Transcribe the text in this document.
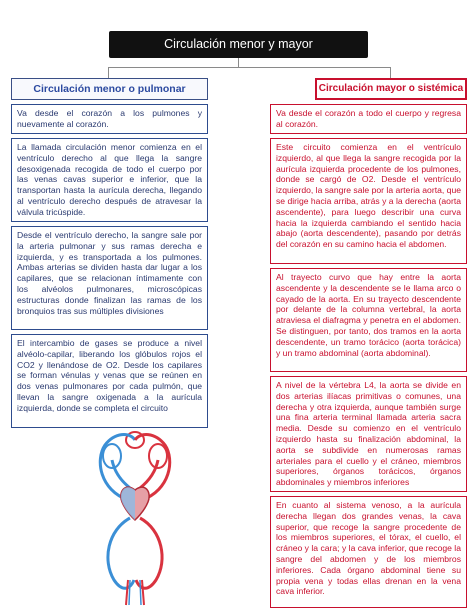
Circulación menor y mayor
Circulación menor o pulmonar	Circulación mayor o sistémica
Va desde el corazón a los pulmones y nuevamente al corazón.
La llamada circulación menor comienza en el ventrículo derecho al que llega la sangre desoxigenada recogida de todo el cuerpo por las venas cavas superior e inferior, que la transportan hasta la aurícula derecha, llegando al ventrículo derecho después de atravesar la válvula tricúspide.
Desde el ventrículo derecho, la sangre sale por la arteria pulmonar y sus ramas derecha e izquierda, y es transportada a los pulmones. Ambas arterias se dividen hasta dar lugar a los capilares, que se relacionan íntimamente con los alvéolos pulmonares, microscópicas estructuras donde finalizan las ramas de los bronquios tras sus múltiples divisiones
El intercambio de gases se produce a nivel alvéolo-capilar, liberando los glóbulos rojos el CO2 y llenándose de O2. Desde los capilares se forman vénulas y venas que se reúnen en dos venas pulmonares por cada pulmón, que llevan la sangre oxigenada a la aurícula izquierda, donde se completa el circuito
Va desde el corazón a todo el cuerpo y regresa al corazón.
Este circuito comienza en el ventrículo izquierdo, al que llega la sangre recogida por la aurícula izquierda procedente de los pulmones, donde se cargó de O2. Desde el ventrículo izquierdo, la sangre sale por la arteria aorta, que se dirige hacia arriba, atrás y a la derecha (aorta ascendente), para luego describir una curva hacia la izquierda cambiando el sentido hacia abajo (aorta descendente), pasando por detrás del corazón en su camino hacia el abdomen.
Al trayecto curvo que hay entre la aorta ascendente y la descendente se le llama arco o cayado de la aorta. En su trayecto descendente por delante de la columna vertebral, la aorta atraviesa el diafragma y penetra en el abdomen. Se distinguen, por tanto, dos tramos en la aorta descendente, un tramo torácico (aorta torácica) y un tramo abdominal (aorta abdominal).
A nivel de la vértebra L4, la aorta se divide en dos arterias ilíacas primitivas o comunes, una derecha y otra izquierda, aunque también surge una fina arteria terminal llamada arteria sacra media. Desde su comienzo en el ventrículo izquierdo hasta su finalización abdominal, la aorta se subdivide en numerosas ramas arteriales para el cuello y el cráneo, miembros superiores, órganos torácicos, órganos abdominales y miembros inferiores
En cuanto al sistema venoso, a la aurícula derecha llegan dos grandes venas, la cava superior, que recoge la sangre procedente de los miembros superiores, el tórax, el cuello, el cráneo y la cara; y la cava inferior, que recoge la sangre del abdomen y de los miembros inferiores. Cada órgano abdominal tiene su propia vena y todas ellas drenan en la vena cava inferior.
